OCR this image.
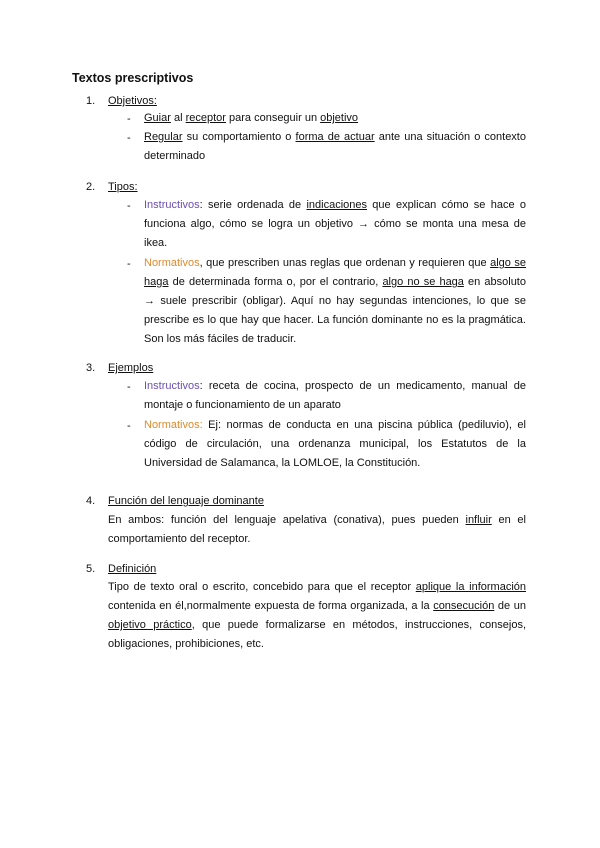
Textos prescriptivos
1. Objetivos:
- Guiar al receptor para conseguir un objetivo
- Regular su comportamiento o forma de actuar ante una situación o contexto determinado
2. Tipos:
- Instructivos: serie ordenada de indicaciones que explican cómo se hace o funciona algo, cómo se logra un objetivo → cómo se monta una mesa de ikea.
- Normativos, que prescriben unas reglas que ordenan y requieren que algo se haga de determinada forma o, por el contrario, algo no se haga en absoluto → suele prescribir (obligar). Aquí no hay segundas intenciones, lo que se prescribe es lo que hay que hacer. La función dominante no es la pragmática. Son los más fáciles de traducir.
3. Ejemplos
- Instructivos: receta de cocina, prospecto de un medicamento, manual de montaje o funcionamiento de un aparato
- Normativos: Ej: normas de conducta en una piscina pública (pediluvio), el código de circulación, una ordenanza municipal, los Estatutos de la Universidad de Salamanca, la LOMLOE, la Constitución.
4. Función del lenguaje dominante
En ambos: función del lenguaje apelativa (conativa), pues pueden influir en el comportamiento del receptor.
5. Definición
Tipo de texto oral o escrito, concebido para que el receptor aplique la información contenida en él,normalmente expuesta de forma organizada, a la consecución de un objetivo práctico, que puede formalizarse en métodos, instrucciones, consejos, obligaciones, prohibiciones, etc.
